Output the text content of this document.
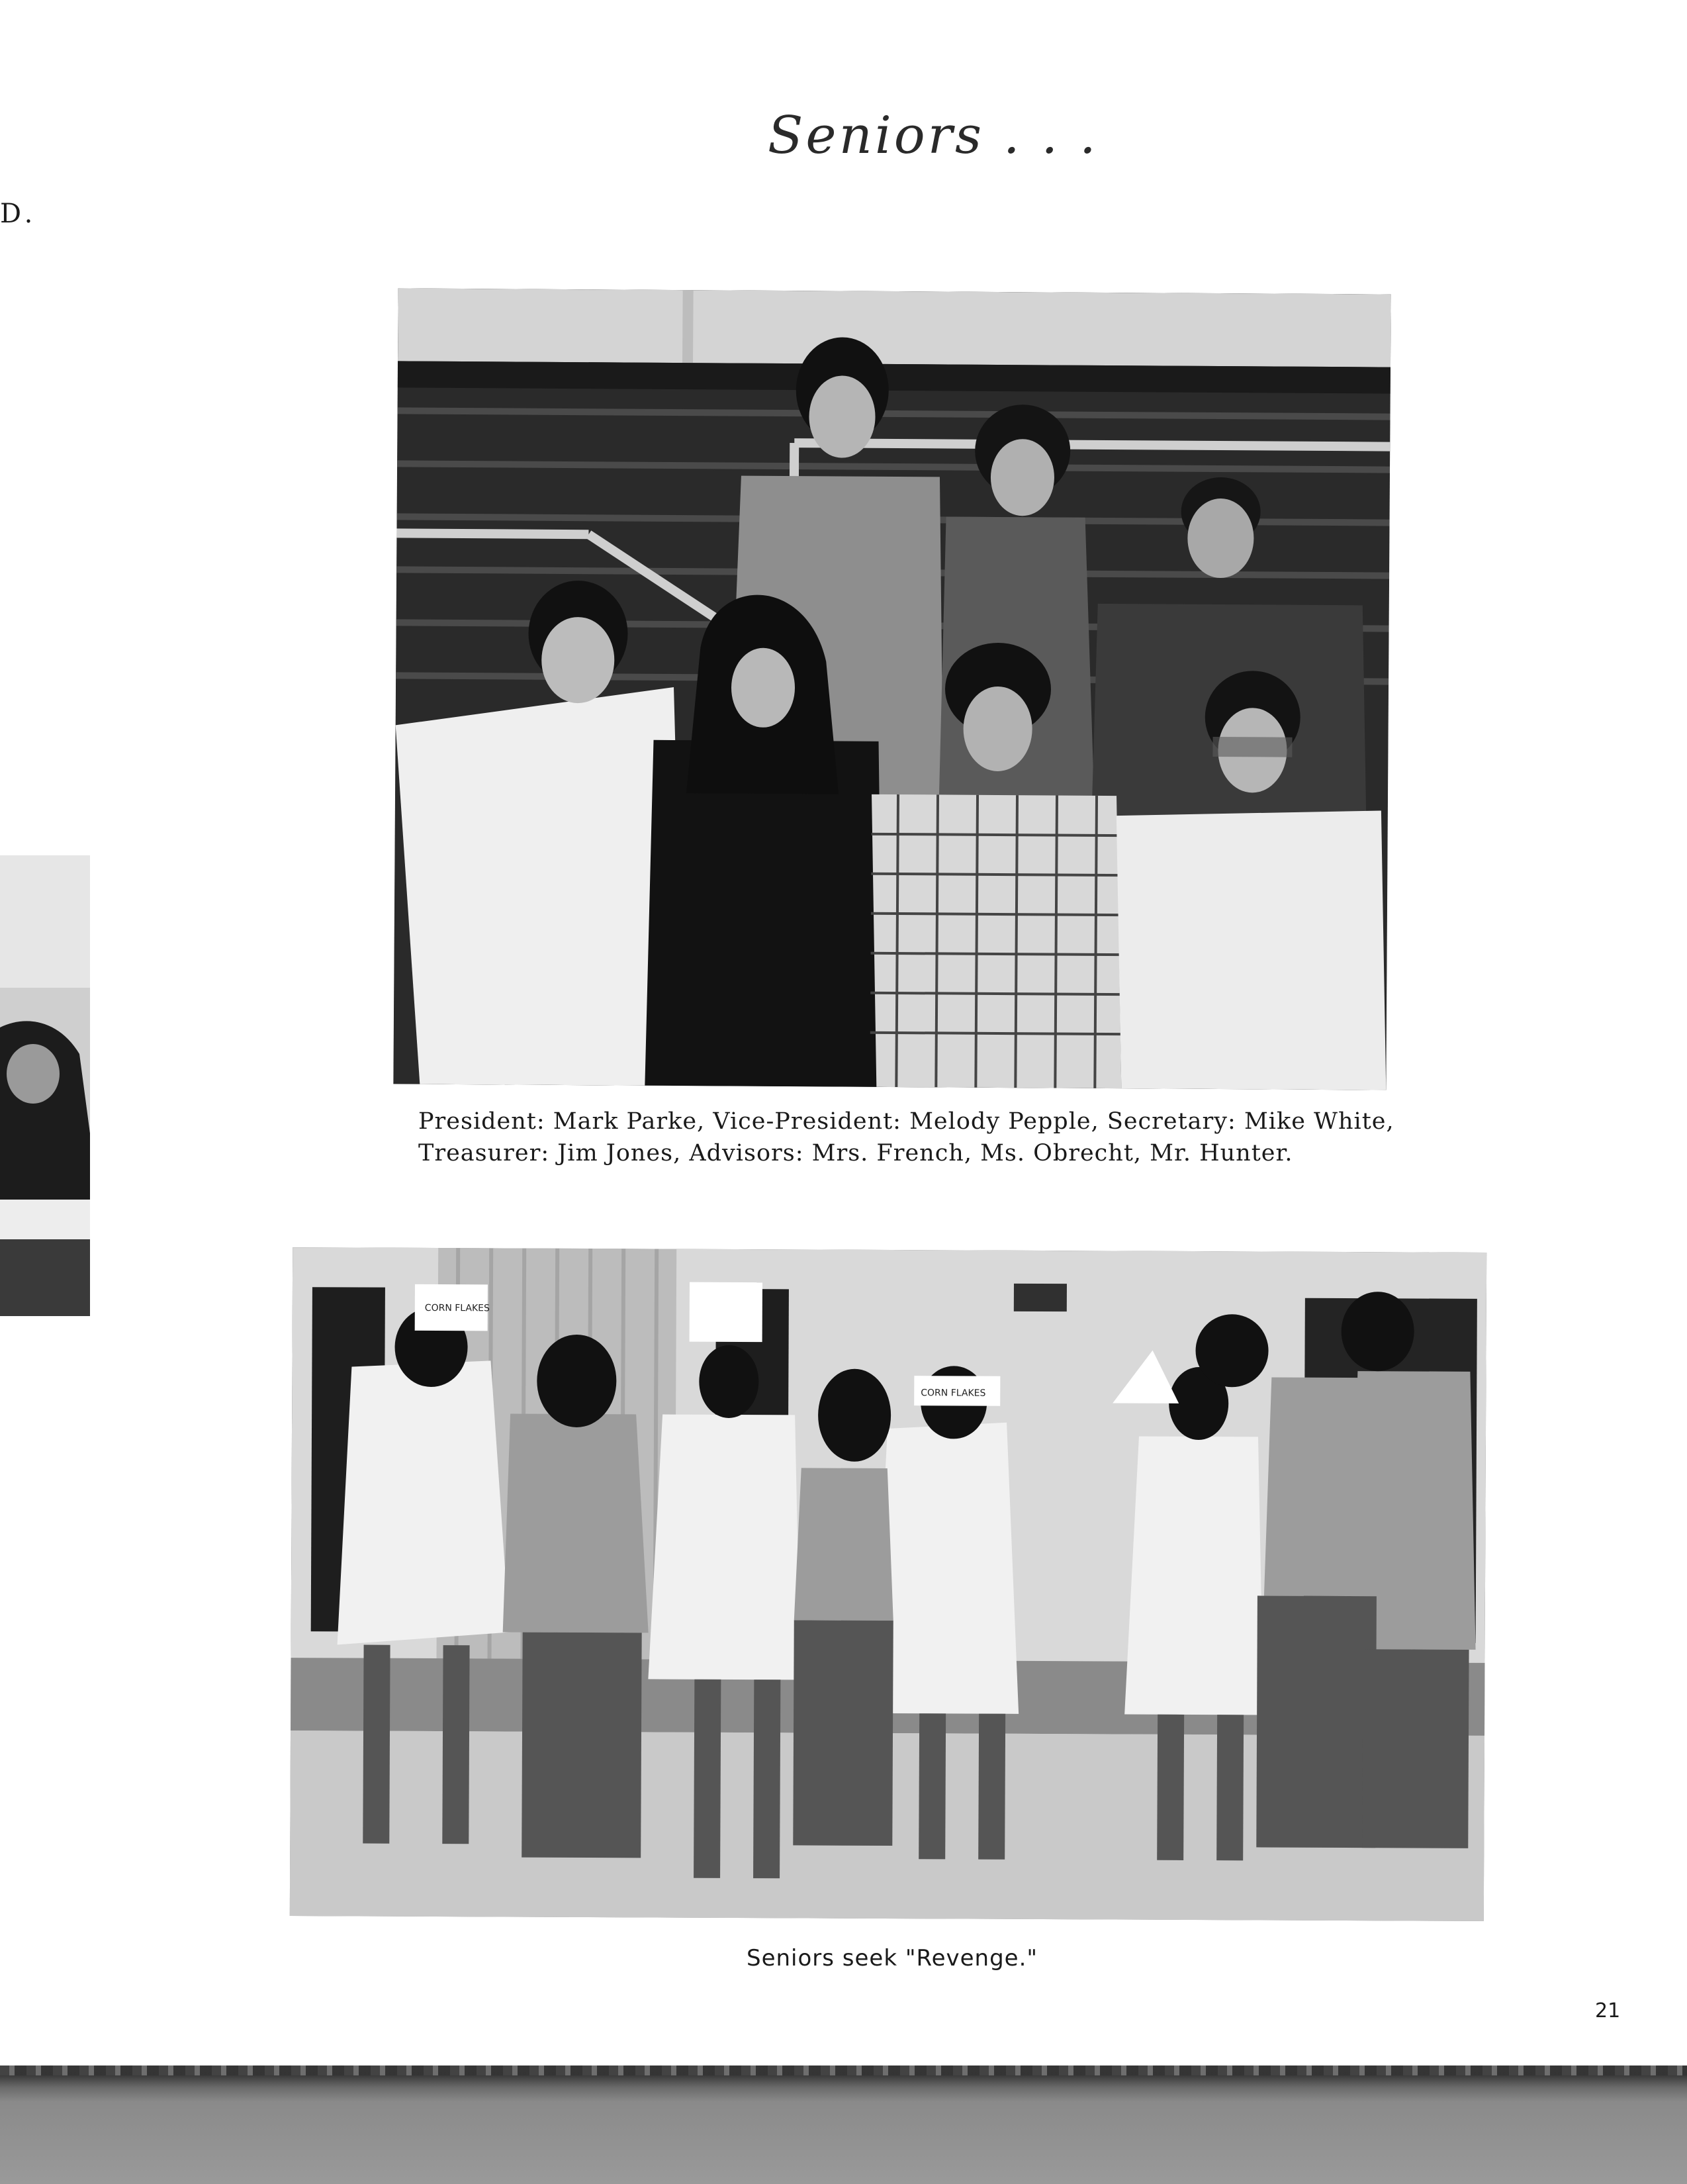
Seniors . . .
D.
President: Mark Parke, Vice-President: Melody Pepple, Secretary: Mike White,
Treasurer: Jim Jones, Advisors: Mrs. French, Ms. Obrecht, Mr. Hunter.
CORN FLAKES
CORN FLAKES
Seniors seek "Revenge."
21
